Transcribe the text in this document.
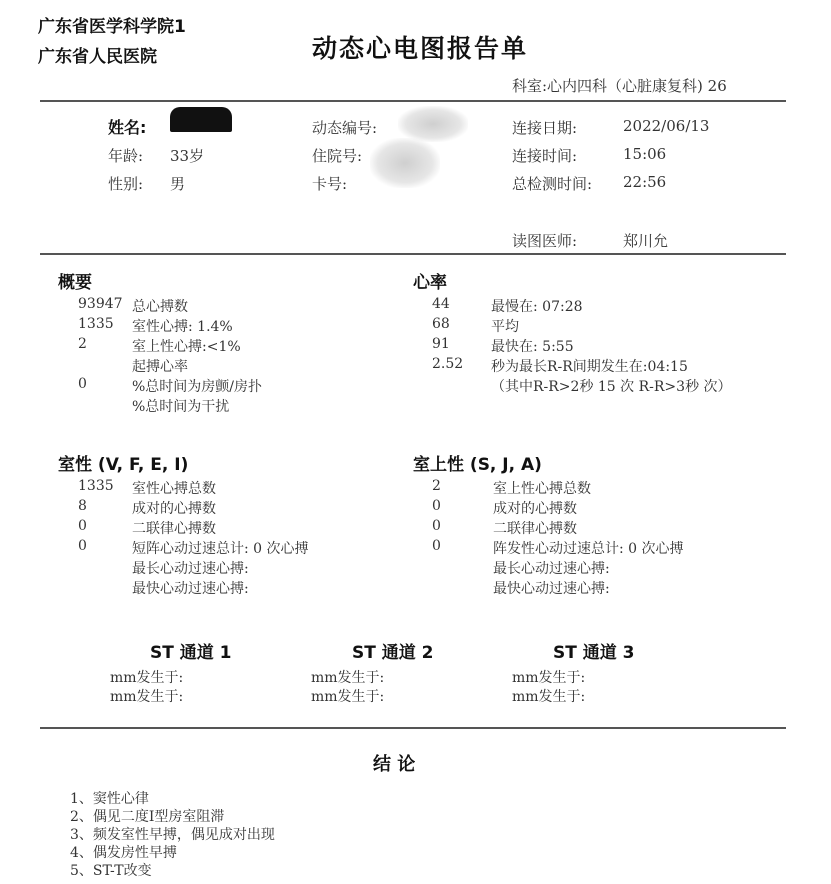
广东省医学科学院1
广东省人民医院	动态心电图报告单
科室:心内四科（心脏康复科) 26
姓名:
年龄: 33岁
性别: 男
动态编号:
住院号:
卡号:
连接日期:	2022/06/13
连接时间:	15:06
总检测时间: 22:56
读图医师:	郑川允
概要
93947 总心搏数
1335 室性心搏: 1.4%
2	室上性心搏:<1%
起搏心率
0	%总时间为房颤/房扑
%总时间为干扰
心率
44	最慢在: 07:28
68	平均
91	最快在: 5:55
2.52 秒为最长R-R间期发生在:04:15
（其中R-R>2秒 15 次 R-R>3秒 次）
室性 (V, F, E, I)
1335 室性心搏总数
8	成对的心搏数
0	二联律心搏数
0	短阵心动过速总计: 0 次心搏
最长心动过速心搏:
最快心动过速心搏:
室上性 (S, J, A)
2	室上性心搏总数
0	成对的心搏数
0	二联律心搏数
0	阵发性心动过速总计: 0 次心搏
最长心动过速心搏:
最快心动过速心搏:
ST 通道 1
mm发生于:
mm发生于:
ST 通道 2
mm发生于:
mm发生于:
ST 通道 3
mm发生于:
mm发生于:
结 论
1、窦性心律
2、偶见二度Ⅰ型房室阻滞
3、频发室性早搏，偶见成对出现
4、偶发房性早搏
5、ST-T改变
